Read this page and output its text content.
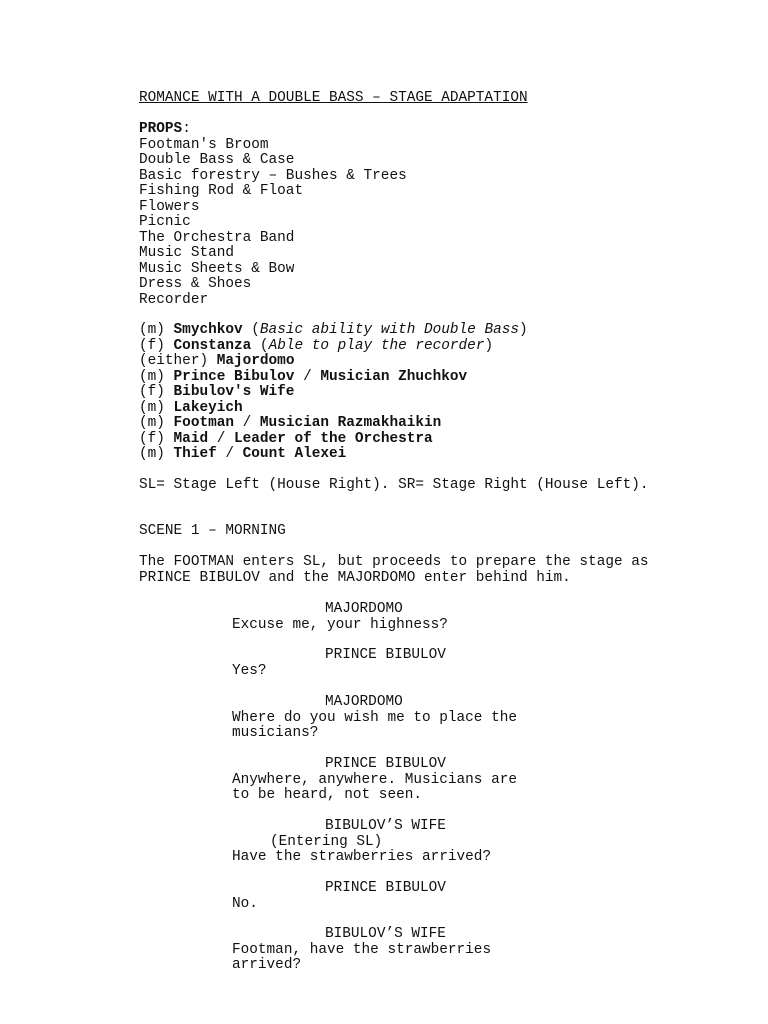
ROMANCE WITH A DOUBLE BASS – STAGE ADAPTATION
PROPS:
Footman's Broom
Double Bass & Case
Basic forestry – Bushes & Trees
Fishing Rod & Float
Flowers
Picnic
The Orchestra Band
Music Stand
Music Sheets & Bow
Dress & Shoes
Recorder
(m) Smychkov (Basic ability with Double Bass)
(f) Constanza (Able to play the recorder)
(either) Majordomo
(m) Prince Bibulov / Musician Zhuchkov
(f) Bibulov's Wife
(m) Lakeyich
(m) Footman / Musician Razmakhaikin
(f) Maid / Leader of the Orchestra
(m) Thief / Count Alexei
SL= Stage Left (House Right). SR= Stage Right (House Left).
SCENE 1 – MORNING
The FOOTMAN enters SL, but proceeds to prepare the stage as
PRINCE BIBULOV and the MAJORDOMO enter behind him.
MAJORDOMO
Excuse me, your highness?
PRINCE BIBULOV
Yes?
MAJORDOMO
Where do you wish me to place the
musicians?
PRINCE BIBULOV
Anywhere, anywhere. Musicians are
to be heard, not seen.
BIBULOV’S WIFE
(Entering SL)
Have the strawberries arrived?
PRINCE BIBULOV
No.
BIBULOV’S WIFE
Footman, have the strawberries
arrived?
